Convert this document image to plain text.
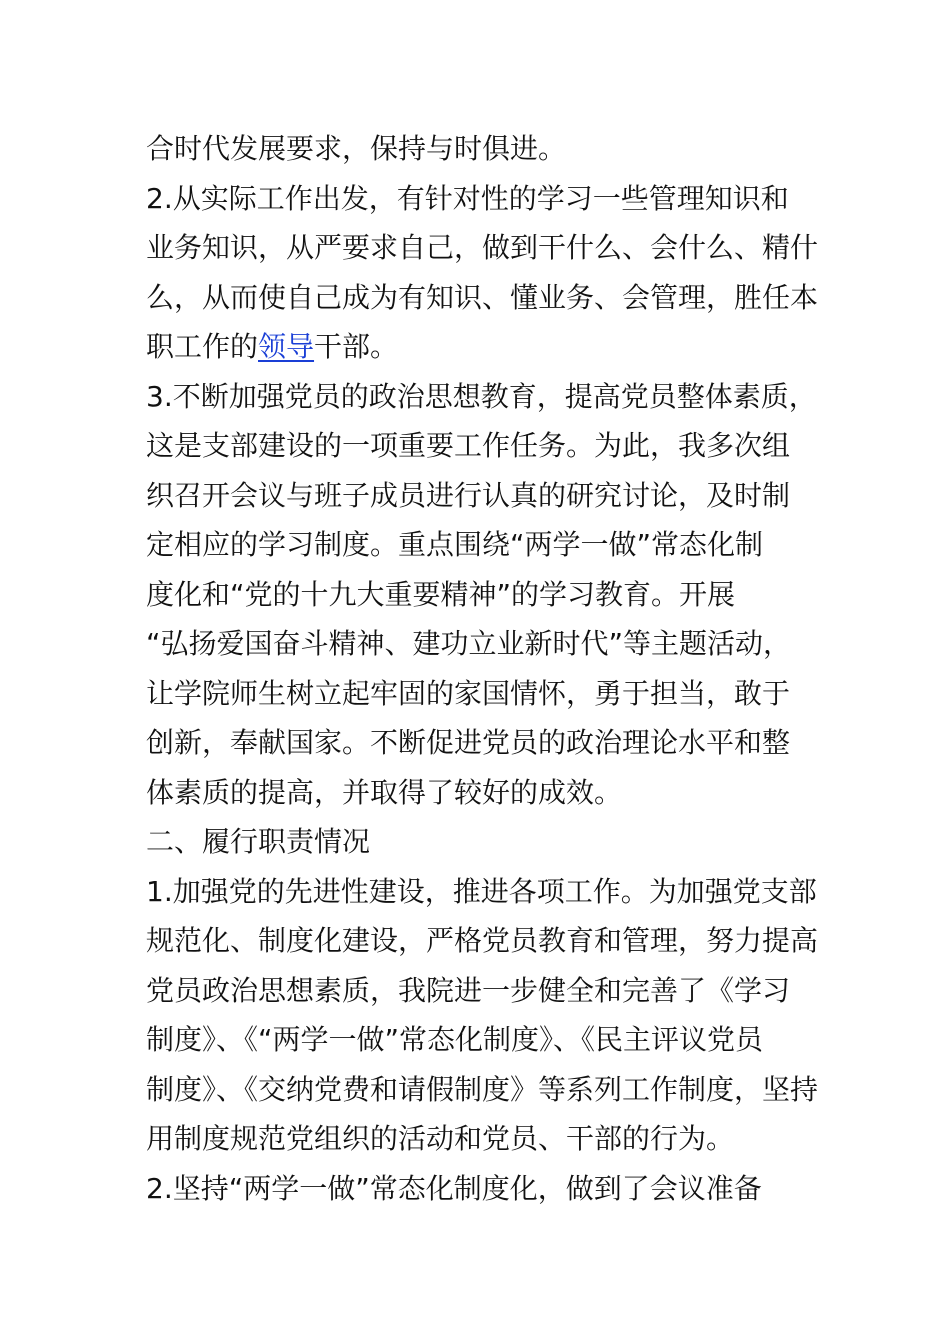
合时代发展要求，保持与时俱进。

2.从实际工作出发，有针对性的学习一些管理知识和

业务知识，从严要求自己，做到干什么、会什么、精什

么，从而使自己成为有知识、懂业务、会管理，胜任本

职工作的领导干部。

3.不断加强党员的政治思想教育，提高党员整体素质，

这是支部建设的一项重要工作任务。为此，我多次组

织召开会议与班子成员进行认真的研究讨论，及时制

定相应的学习制度。重点围绕“两学一做”常态化制

度化和“党的十九大重要精神”的学习教育。开展

“弘扬爱国奋斗精神、建功立业新时代”等主题活动，

让学院师生树立起牢固的家国情怀，勇于担当，敢于

创新，奉献国家。不断促进党员的政治理论水平和整

体素质的提高，并取得了较好的成效。

二、履行职责情况

1.加强党的先进性建设，推进各项工作。为加强党支部

规范化、制度化建设，严格党员教育和管理，努力提高

党员政治思想素质，我院进一步健全和完善了《学习

制度》、《“两学一做”常态化制度》、《民主评议党员

制度》、《交纳党费和请假制度》等系列工作制度，坚持

用制度规范党组织的活动和党员、干部的行为。

2.坚持“两学一做”常态化制度化，做到了会议准备
